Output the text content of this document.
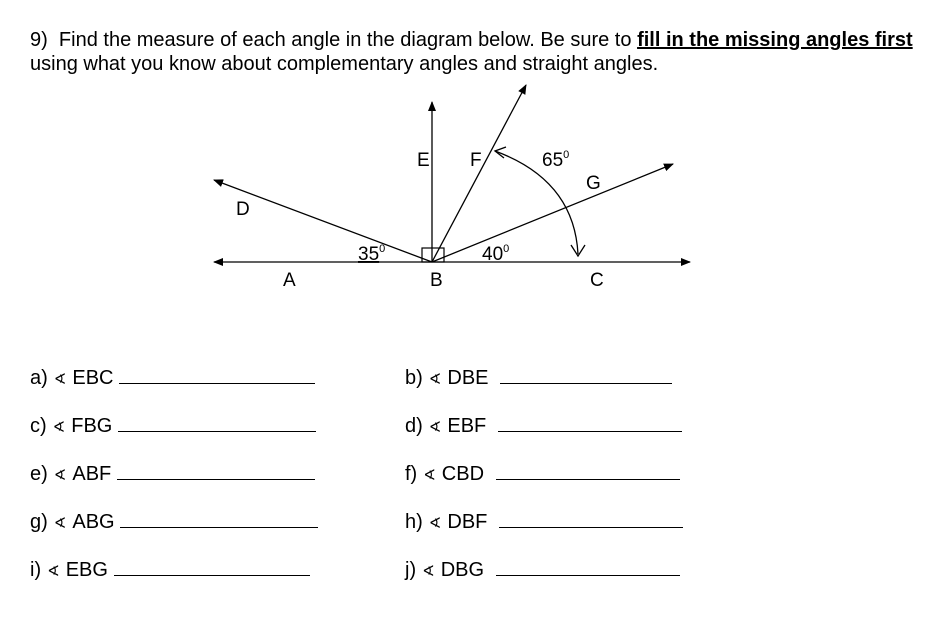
9) Find the measure of each angle in the diagram below. Be sure to fill in the missing angles first using what you know about complementary angles and straight angles.
A	B	C
D
E F
G
$35^0$	$40^0$
$65^0$
a) ∢ EBC
c) ∢ FBG
e) ∢ ABF
g) ∢ ABG
i) ∢ EBG
b) ∢ DBE
d) ∢ EBF
f) ∢ CBD
h) ∢ DBF
j) ∢ DBG
